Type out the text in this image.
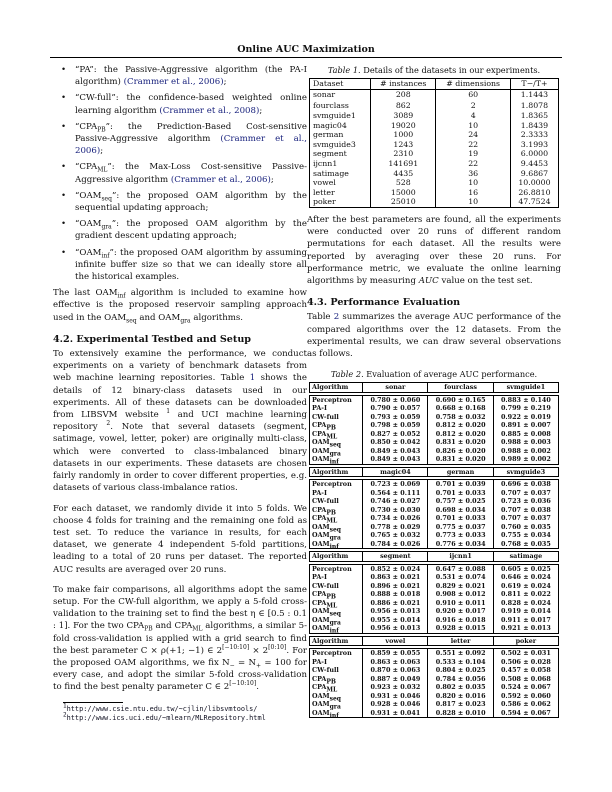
Online AUC Maximization
• “PA”: the Passive-Aggressive algorithm (the PA-I algorithm) (Crammer et al., 2006);
• “CW-full”: the confidence-based weighted online learning algorithm (Crammer et al., 2008);
• “$CPA_{PB}$”: the Prediction-Based Cost-sensitive Passive-Aggressive algorithm (Crammer et al., 2006);
• “$CPA_{ML}$”: the Max-Loss Cost-sensitive Passive-Aggressive algorithm (Crammer et al., 2006);
• “$OAM_{seq}$”: the proposed OAM algorithm by the sequential updating approach;
• “$OAM_{gra}$”: the proposed OAM algorithm by the gradient descent updating approach;
• “$OAM_{inf}$”: the proposed OAM algorithm by assuming infinite buffer size so that we can ideally store all the historical examples.

The last $OAM_{inf}$ algorithm is included to examine how effective is the proposed reservoir sampling approach used in the $OAM_{seq}$ and $OAM_{gra}$ algorithms.

4.2. Experimental Testbed and Setup

To extensively examine the performance, we conduct experiments on a variety of benchmark datasets from web machine learning repositories. Table 1 shows the details of 12 binary-class datasets used in our experiments. All of these datasets can be downloaded from LIBSVM website $^1$ and UCI machine learning repository $^2$. Note that several datasets (segment, satimage, vowel, letter, poker) are originally multi-class, which were converted to class-imbalanced binary datasets in our experiments. These datasets are chosen fairly randomly in order to cover different properties, e.g. datasets of various class-imbalance ratios.

For each dataset, we randomly divide it into 5 folds. We choose 4 folds for training and the remaining one fold as test set. To reduce the variance in results, for each dataset, we generate 4 independent 5-fold partitions, leading to a total of 20 runs per dataset. The reported AUC results are averaged over 20 runs.

To make fair comparisons, all algorithms adopt the same setup. For the CW-full algorithm, we apply a 5-fold cross-validation to the training set to find the best η ∈ [0.5 : 0.1 : 1]. For the two $CPA_{PB}$ and $CPA_{ML}$ algorithms, a similar 5-fold cross-validation is applied with a grid search to find the best parameter C × ρ(+1; −1) ∈ 2[−10:10] × 2[0:10]. For the proposed OAM algorithms, we fix $N_- = N_+ = 100$ for every case, and adopt the similar 5-fold cross-validation to find the best penalty parameter C ∈ 2[−10:10].

$^1$http://www.csie.ntu.edu.tw/~cjlin/libsvmtools/
$^2$http://www.ics.uci.edu/~mlearn/MLRepository.html
Table 1. Details of the datasets in our experiments.
Dataset	# instances	# dimensions	T−/T+
sonar	208	60	1.1443
fourclass	862	2	1.8078
svmguide1	3089	4	1.8365
magic04	19020	10	1.8439
german	1000	24	2.3333
svmguide3	1243	22	3.1993
segment	2310	19	6.0000
ijcnn1	141691	22	9.4453
satimage	4435	36	9.6867
vowel	528	10	10.0000
letter	15000	16	26.8810
poker	25010	10	47.7524

After the best parameters are found, all the experiments were conducted over 20 runs of different random permutations for each dataset. All the results were reported by averaging over these 20 runs. For performance metric, we evaluate the online learning algorithms by measuring AUC value on the test set.

4.3. Performance Evaluation

Table 2 summarizes the average AUC performance of the compared algorithms over the 12 datasets. From the experimental results, we can draw several observations as follows.

Table 2. Evaluation of average AUC performance.
Algorithm	sonar	fourclass	svmguide1

Perceptron	0.780 ± 0.060	0.690 ± 0.165	0.883 ± 0.140
PA-I	0.790 ± 0.057	0.668 ± 0.168	0.799 ± 0.219
CW-full	0.793 ± 0.059	0.758 ± 0.032	0.922 ± 0.019
$CPA_{PB}$	0.798 ± 0.059	0.812 ± 0.020	0.891 ± 0.007
$CPA_{ML}$	0.827 ± 0.052	0.812 ± 0.020	0.885 ± 0.008
$OAM_{seq}$	0.850 ± 0.042	0.831 ± 0.020	0.988 ± 0.003
$OAM_{gra}$	0.849 ± 0.043	0.826 ± 0.020	0.988 ± 0.002
$OAM_{inf}$	0.849 ± 0.043	0.831 ± 0.020	0.989 ± 0.002

Algorithm	magic04	german	svmguide3

Perceptron	0.723 ± 0.069	0.701 ± 0.039	0.696 ± 0.038
PA-I	0.564 ± 0.111	0.701 ± 0.033	0.707 ± 0.037
CW-full	0.746 ± 0.027	0.757 ± 0.025	0.723 ± 0.036
$CPA_{PB}$	0.730 ± 0.030	0.698 ± 0.034	0.707 ± 0.038
$CPA_{ML}$	0.734 ± 0.026	0.701 ± 0.033	0.707 ± 0.037
$OAM_{seq}$	0.778 ± 0.029	0.775 ± 0.037	0.760 ± 0.035
$OAM_{gra}$	0.765 ± 0.032	0.773 ± 0.033	0.755 ± 0.034
$OAM_{inf}$	0.784 ± 0.026	0.776 ± 0.034	0.768 ± 0.035

Algorithm	segment	ijcnn1	satimage

Perceptron	0.852 ± 0.024	0.647 ± 0.088	0.605 ± 0.025
PA-I	0.863 ± 0.021	0.531 ± 0.074	0.646 ± 0.024
CW-full	0.896 ± 0.021	0.829 ± 0.021	0.619 ± 0.024
$CPA_{PB}$	0.888 ± 0.018	0.908 ± 0.012	0.811 ± 0.022
$CPA_{ML}$	0.886 ± 0.021	0.910 ± 0.011	0.828 ± 0.024
$OAM_{seq}$	0.956 ± 0.013	0.920 ± 0.017	0.919 ± 0.014
$OAM_{gra}$	0.955 ± 0.014	0.916 ± 0.018	0.911 ± 0.017
$OAM_{inf}$	0.956 ± 0.013	0.928 ± 0.015	0.921 ± 0.013

Algorithm	vowel	letter	poker

Perceptron	0.859 ± 0.055	0.551 ± 0.092	0.502 ± 0.031
PA-I	0.863 ± 0.063	0.533 ± 0.104	0.506 ± 0.028
CW-full	0.870 ± 0.063	0.804 ± 0.025	0.457 ± 0.058
$CPA_{PB}$	0.887 ± 0.049	0.784 ± 0.056	0.508 ± 0.068
$CPA_{ML}$	0.923 ± 0.032	0.802 ± 0.035	0.524 ± 0.067
$OAM_{seq}$	0.931 ± 0.046	0.820 ± 0.016	0.592 ± 0.060
$OAM_{gra}$	0.928 ± 0.046	0.817 ± 0.023	0.586 ± 0.062
$OAM_{inf}$	0.931 ± 0.041	0.828 ± 0.010	0.594 ± 0.067
